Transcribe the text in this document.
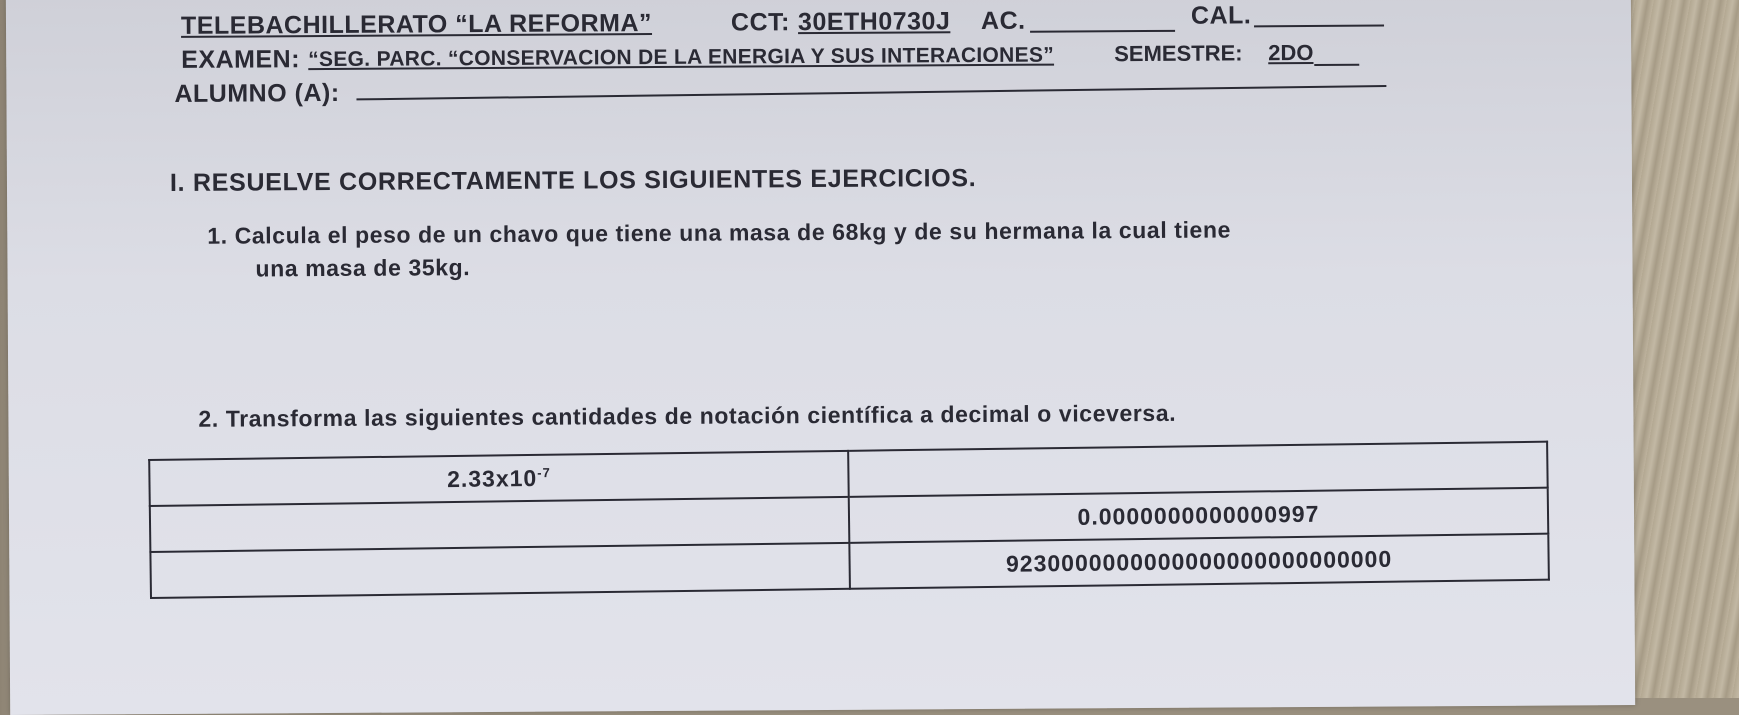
TELEBACHILLERATO “LA REFORMA”	CCT: 30ETH0730J AC.	CAL.
EXAMEN: “SEG. PARC. “CONSERVACION DE LA ENERGIA Y SUS INTERACIONES”	SEMESTRE: 2DO
ALUMNO (A):
I. RESUELVE CORRECTAMENTE LOS SIGUIENTES EJERCICIOS.
1. Calcula el peso de un chavo que tiene una masa de 68kg y de su hermana la cual tiene
una masa de 35kg.
2. Transforma las siguientes cantidades de notación científica a decimal o viceversa.
$2.33x10^{-7}$	
	0.0000000000000997
	9230000000000000000000000000
